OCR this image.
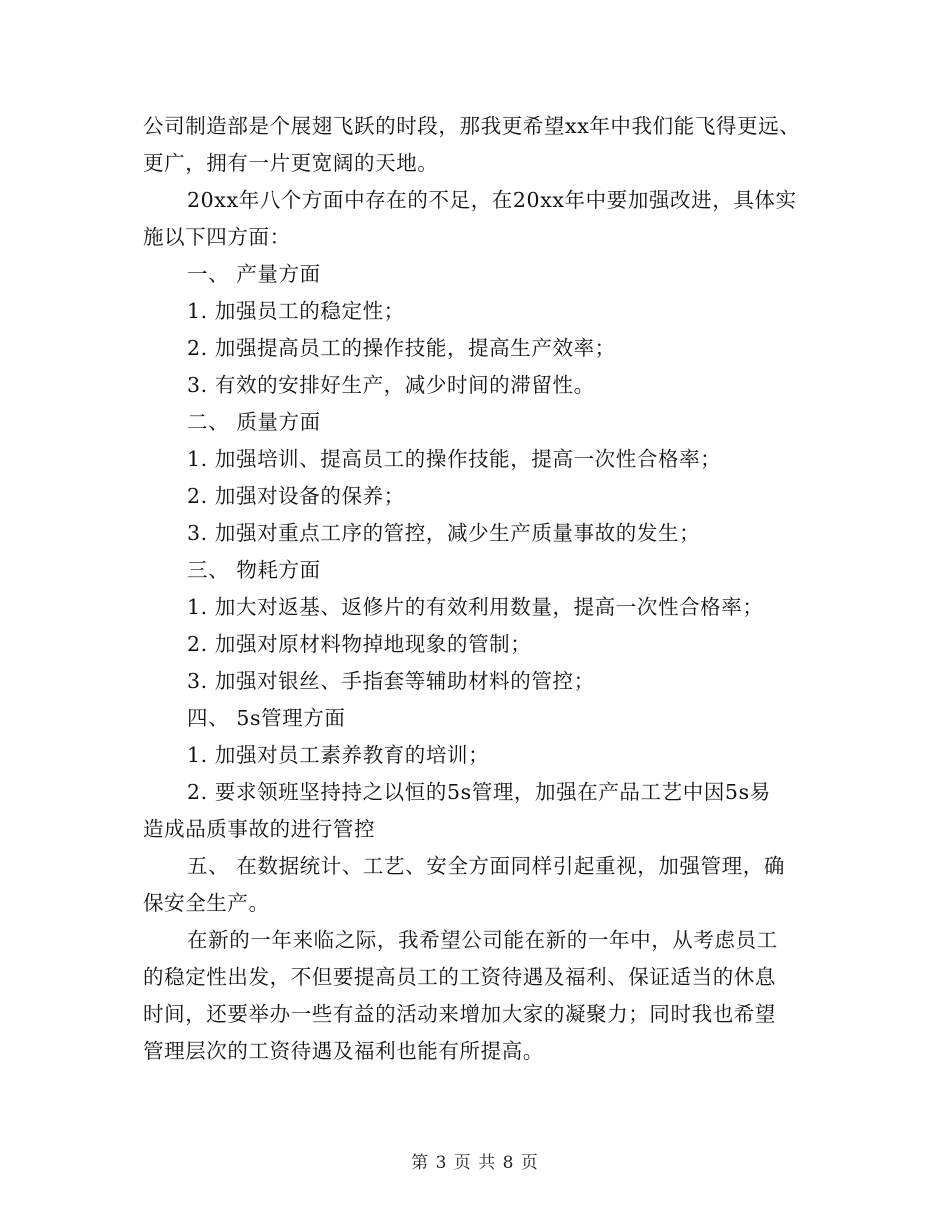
公司制造部是个展翅飞跃的时段，那我更希望xx年中我们能飞得更远、
更广，拥有一片更宽阔的天地。
20xx年八个方面中存在的不足，在20xx年中要加强改进，具体实
施以下四方面：
一、 产量方面
1. 加强员工的稳定性；
2. 加强提高员工的操作技能，提高生产效率；
3. 有效的安排好生产，减少时间的滞留性。
二、 质量方面
1. 加强培训、提高员工的操作技能，提高一次性合格率；
2. 加强对设备的保养；
3. 加强对重点工序的管控，减少生产质量事故的发生；
三、 物耗方面
1. 加大对返基、返修片的有效利用数量，提高一次性合格率；
2. 加强对原材料物掉地现象的管制；
3. 加强对银丝、手指套等辅助材料的管控；
四、 5s管理方面
1. 加强对员工素养教育的培训；
2. 要求领班坚持持之以恒的5s管理，加强在产品工艺中因5s易
造成品质事故的进行管控
五、 在数据统计、工艺、安全方面同样引起重视，加强管理，确
保安全生产。
在新的一年来临之际，我希望公司能在新的一年中，从考虑员工
的稳定性出发，不但要提高员工的工资待遇及福利、保证适当的休息
时间，还要举办一些有益的活动来增加大家的凝聚力；同时我也希望
管理层次的工资待遇及福利也能有所提高。
第 3 页 共 8 页
